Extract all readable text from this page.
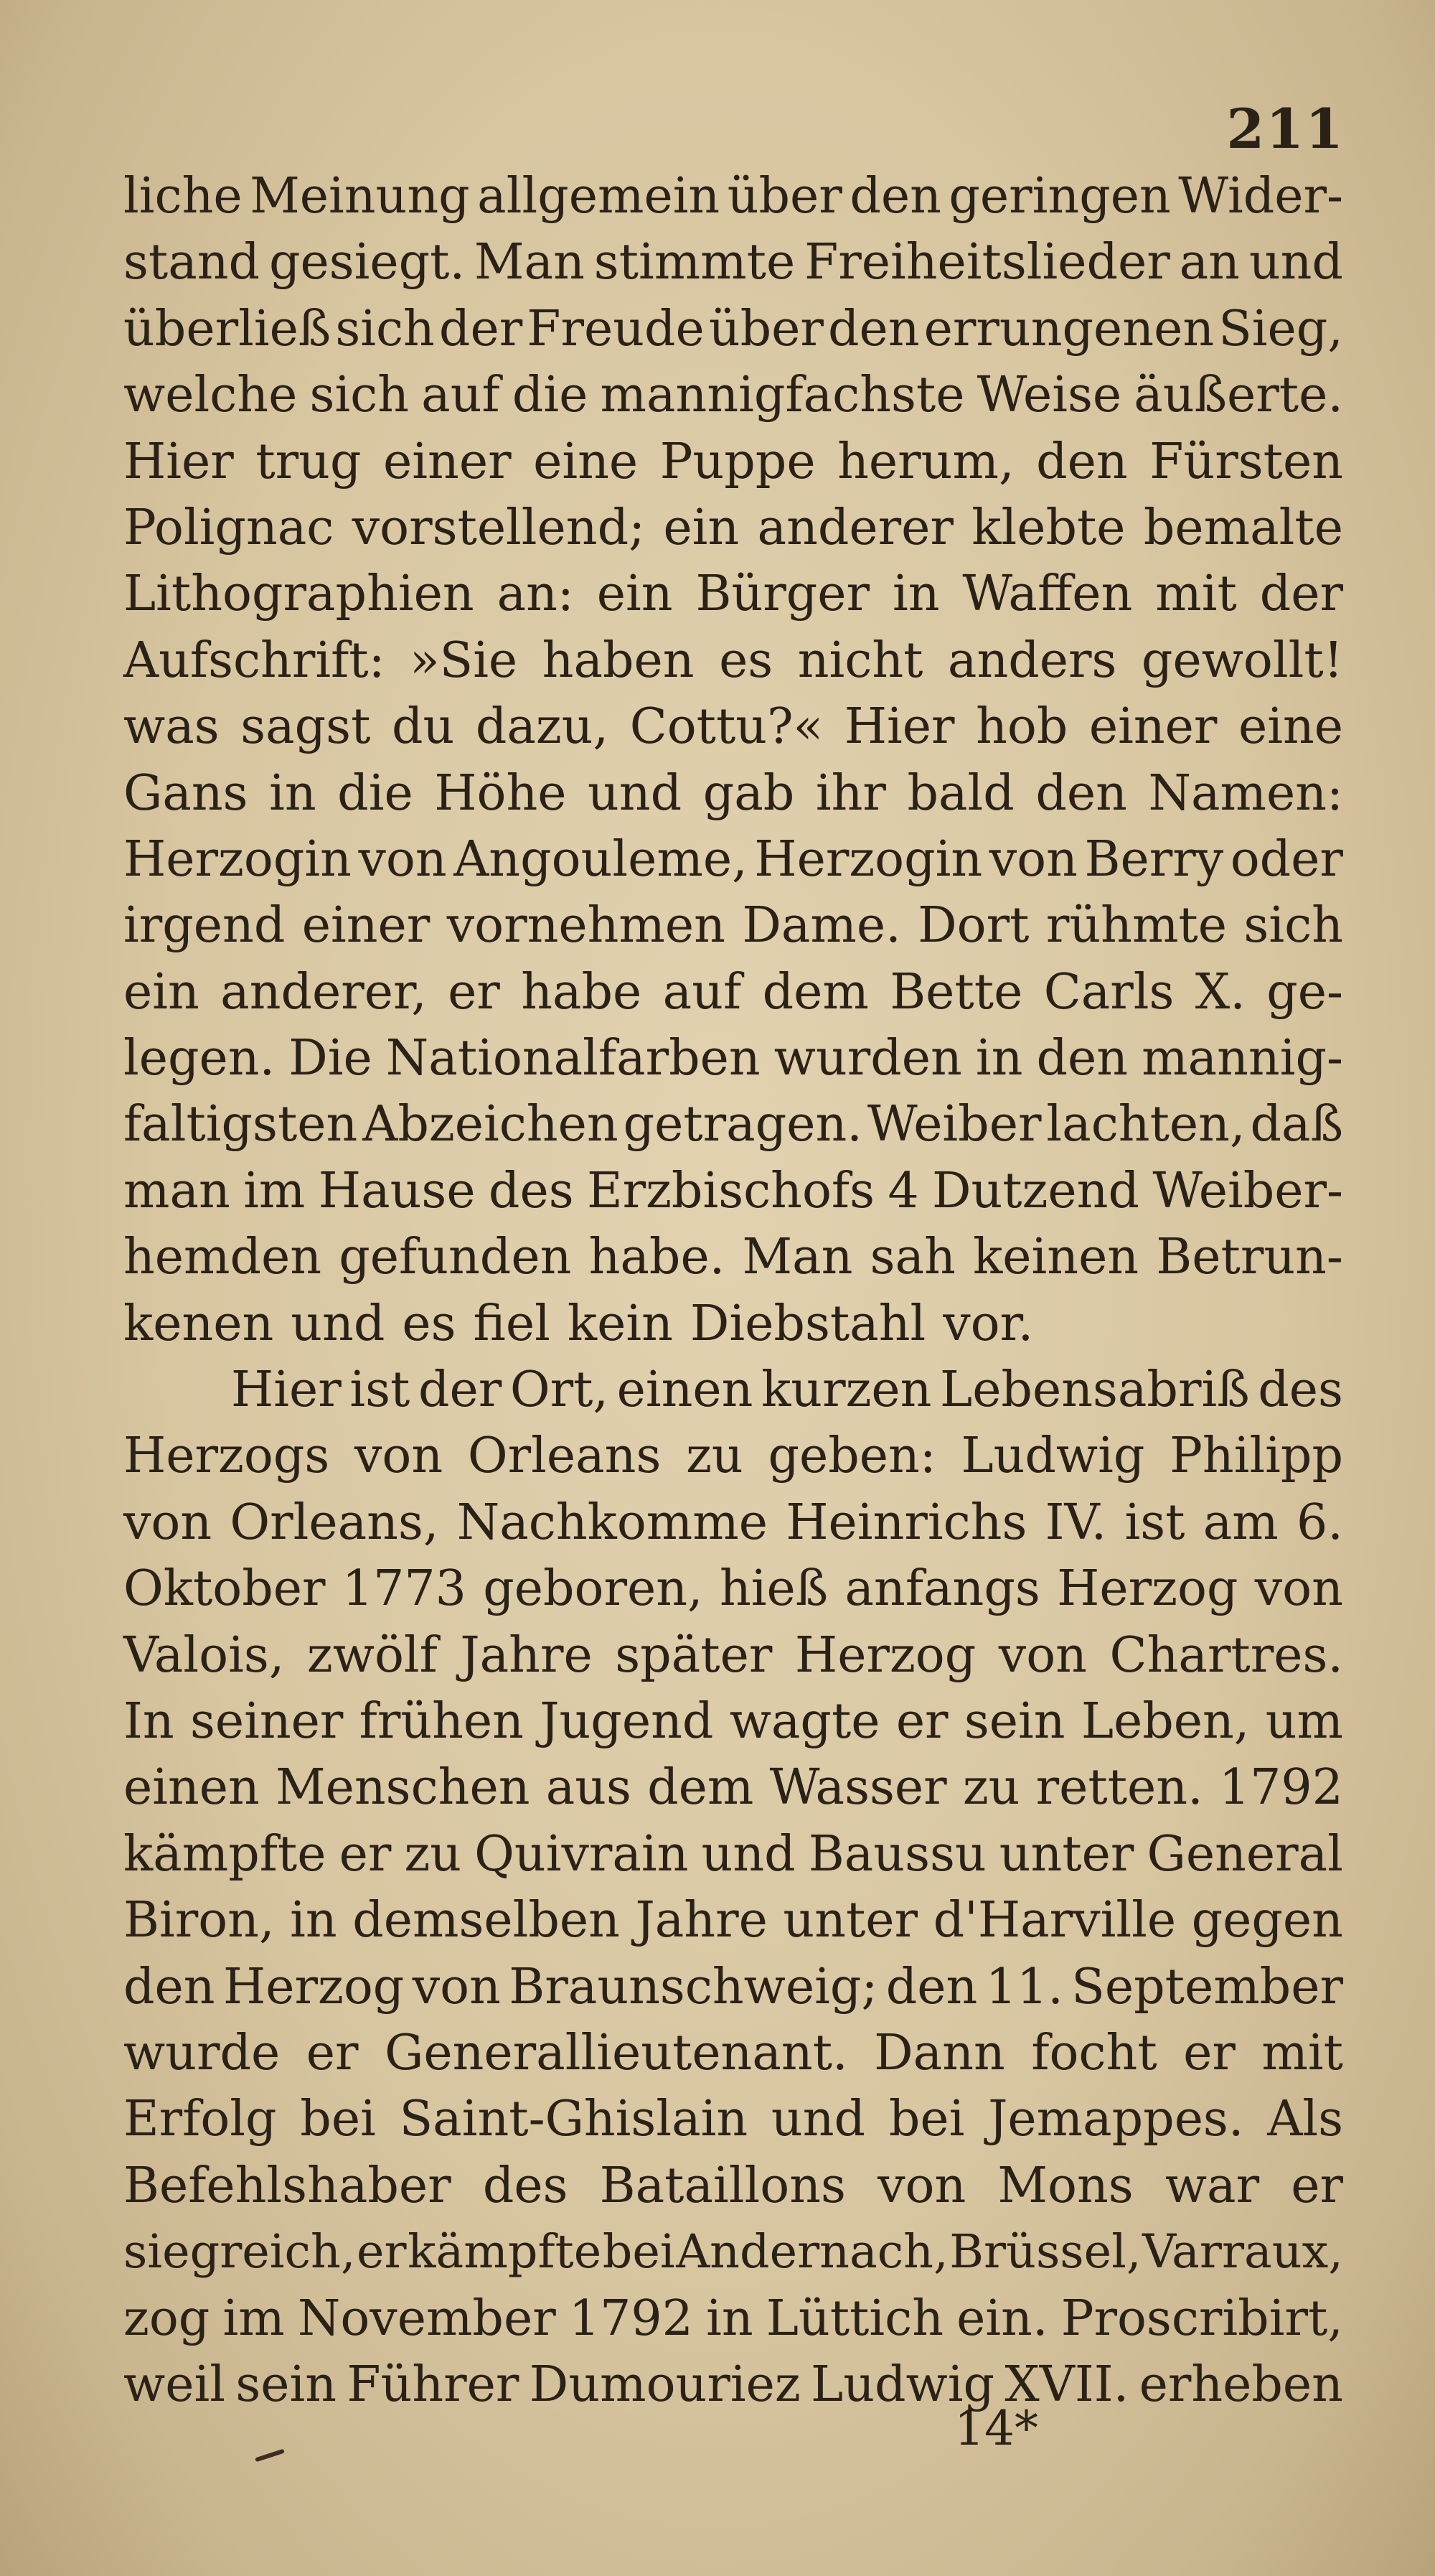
211
liche Meinung allgemein über den geringen Wider-
stand gesiegt. Man stimmte Freiheitslieder an und
überließ sich der Freude über den errungenen Sieg,
welche sich auf die mannigfachste Weise äußerte.
Hier trug einer eine Puppe herum, den Fürsten
Polignac vorstellend; ein anderer klebte bemalte
Lithographien an: ein Bürger in Waffen mit der
Aufschrift: »Sie haben es nicht anders gewollt!
was sagst du dazu, Cottu?« Hier hob einer eine
Gans in die Höhe und gab ihr bald den Namen:
Herzogin von Angouleme, Herzogin von Berry oder
irgend einer vornehmen Dame. Dort rühmte sich
ein anderer, er habe auf dem Bette Carls X. ge-
legen. Die Nationalfarben wurden in den mannig-
faltigsten Abzeichen getragen. Weiber lachten, daß
man im Hause des Erzbischofs 4 Dutzend Weiber-
hemden gefunden habe. Man sah keinen Betrun-
kenen und es fiel kein Diebstahl vor.
Hier ist der Ort, einen kurzen Lebensabriß des
Herzogs von Orleans zu geben: Ludwig Philipp
von Orleans, Nachkomme Heinrichs IV. ist am 6.
Oktober 1773 geboren, hieß anfangs Herzog von
Valois, zwölf Jahre später Herzog von Chartres.
In seiner frühen Jugend wagte er sein Leben, um
einen Menschen aus dem Wasser zu retten. 1792
kämpfte er zu Quivrain und Baussu unter General
Biron, in demselben Jahre unter d'Harville gegen
den Herzog von Braunschweig; den 11. September
wurde er Generallieutenant. Dann focht er mit
Erfolg bei Saint-Ghislain und bei Jemappes. Als
Befehlshaber des Bataillons von Mons war er
siegreich, er kämpfte bei Andernach, Brüssel, Varraux,
zog im November 1792 in Lüttich ein. Proscribirt,
weil sein Führer Dumouriez Ludwig XVII. erheben
14*
